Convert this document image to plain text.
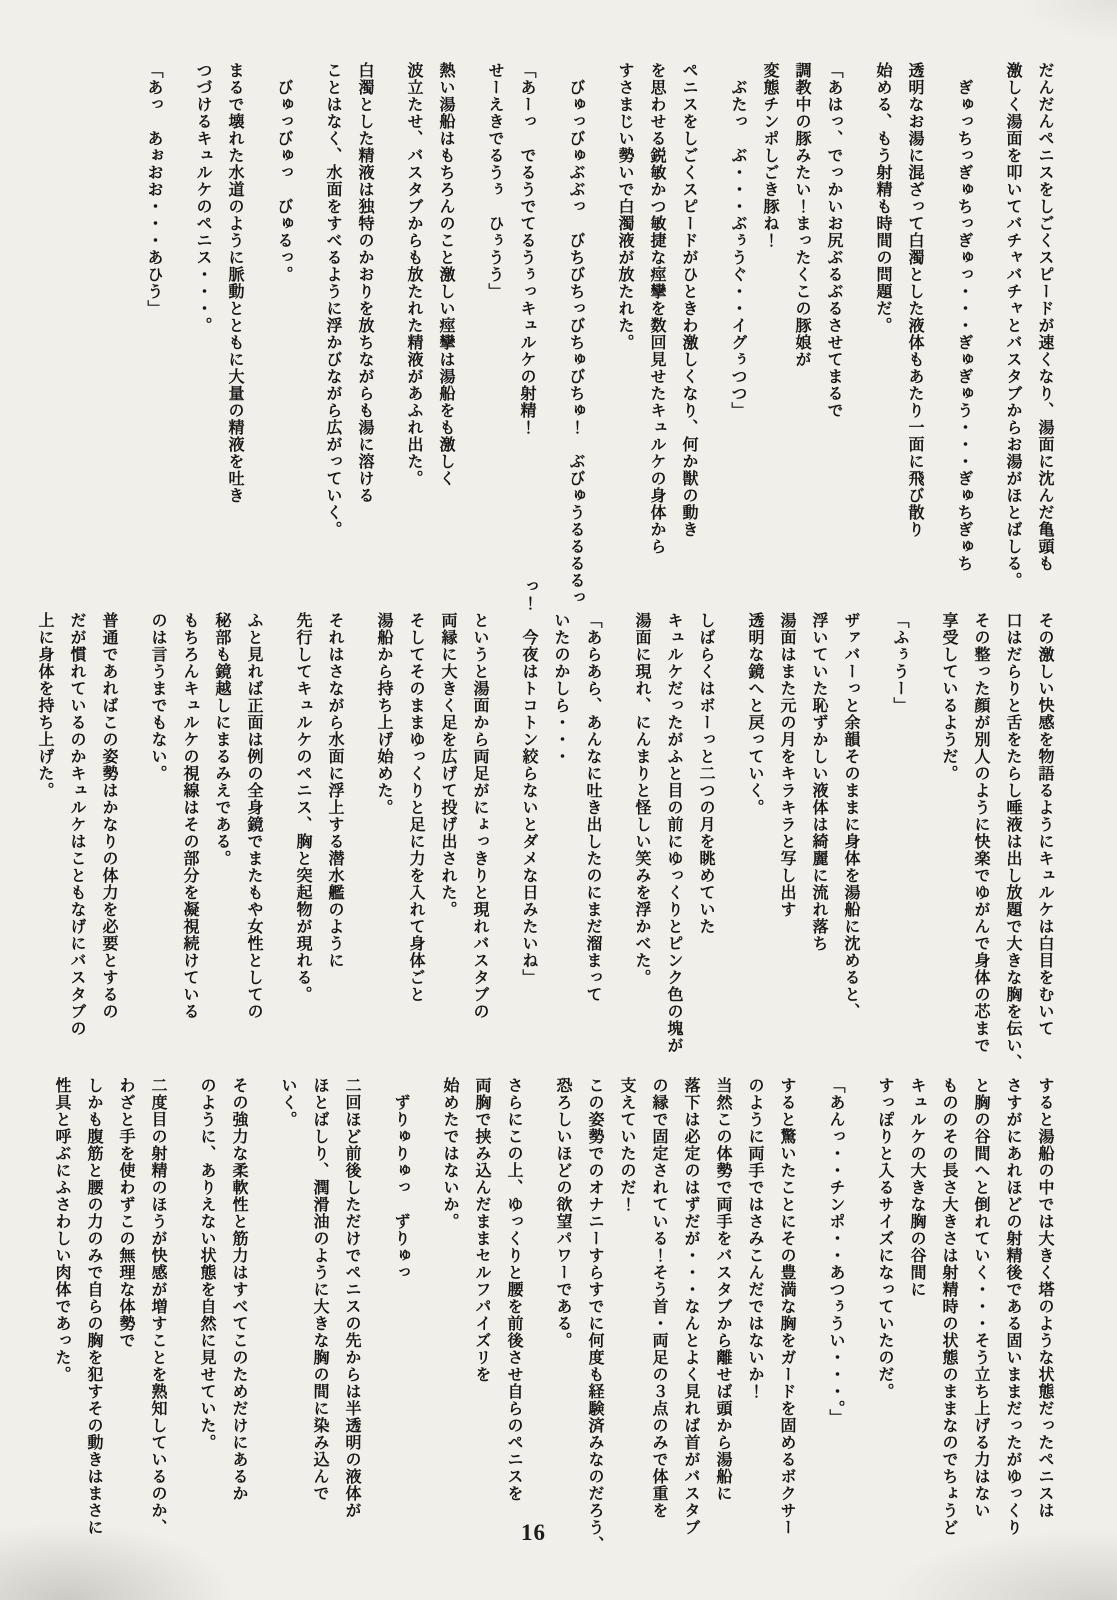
だんだんペニスをしごくスピードが速くなり、湯面に沈んだ亀頭も

激しく湯面を叩いてバチャバチャとバスタブからお湯がほとばしる。

　ぎゅっちっぎゅちっぎゅっ・・・ぎゅぎゅう・・・ぎゅちぎゅち

透明なお湯に混ざって白濁とした液体もあたり一面に飛び散り

始める、もう射精も時間の問題だ。

「あはっ、でっかいお尻ぶるぶるさせてまるで

調教中の豚みたい！まったくこの豚娘が

変態チンポしごき豚ね！

　ぶたっ　ぶ・・・ぶぅうぐ・・イグぅつつ」

ペニスをしごくスピードがひときわ激しくなり、何か獣の動き

を思わせる鋭敏かつ敏捷な痙攣を数回見せたキュルケの身体から

すさまじい勢いで白濁液が放たれた。

　びゅっびゅぶぶっ　びちびちっびちゅびちゅ！　ぶびゅうるるるるっ

「あーっ　でるうでてるうぅっキュルケの射精！

せーえきでるうぅ　ひぅうう」

熱い湯船はもちろんのこと激しい痙攣は湯船をも激しく

波立たせ、バスタブからも放たれた精液があふれ出た。

白濁とした精液は独特のかおりを放ちながらも湯に溶ける

ことはなく、水面をすべるように浮かびながら広がっていく。

　びゅっびゅっ　びゅるっ。

まるで壊れた水道のように脈動とともに大量の精液を吐き

つづけるキュルケのペニス・・・。

「あっ　あぉおお・・・あひう」

その激しい快感を物語るようにキュルケは白目をむいて

口はだらりと舌をたらし唾液は出し放題で大きな胸を伝い、

その整った顔が別人のように快楽でゆがんで身体の芯まで

享受しているようだ。

「ふぅうー」

ザァバーっと余韻そのままに身体を湯船に沈めると、

浮いていた恥ずかしい液体は綺麗に流れ落ち

湯面はまた元の月をキラキラと写し出す

透明な鏡へと戻っていく。

しばらくはボーっと二つの月を眺めていた

キュルケだったがふと目の前にゆっくりとピンク色の塊が

湯面に現れ、にんまりと怪しい笑みを浮かべた。

「あらあら、あんなに吐き出したのにまだ溜まって

いたのかしら・・・

っ！　今夜はトコトン絞らないとダメな日みたいね」

というと湯面から両足がにょっきりと現れバスタブの

両縁に大きく足を広げて投げ出された。

そしてそのままゆっくりと足に力を入れて身体ごと

湯船から持ち上げ始めた。

それはさながら水面に浮上する潜水艦のように

先行してキュルケのペニス、胸と突起物が現れる。

ふと見れば正面は例の全身鏡でまたもや女性としての

秘部も鏡越しにまるみえである。

もちろんキュルケの視線はその部分を凝視続けている

のは言うまでもない。

普通であればこの姿勢はかなりの体力を必要とするの

だが慣れているのかキュルケはこともなげにバスタブの

上に身体を持ち上げた。

すると湯船の中では大きく塔のような状態だったペニスは

さすがにあれほどの射精後である固いままだったがゆっくり

と胸の谷間へと倒れていく・・・そう立ち上げる力はない

もののその長さ大きさは射精時の状態のままなのでちょうど

キュルケの大きな胸の谷間に

すっぽりと入るサイズになっていたのだ。

「あんっ・・チンポ・・あつぅうい・・・。」

すると驚いたことにその豊満な胸をガードを固めるボクサー

のように両手ではさみこんだではないか！

当然この体勢で両手をバスタブから離せば頭から湯船に

落下は必定のはずだが・・・なんとよく見れば首がバスタブ

の縁で固定されている！そう首・両足の３点のみで体重を

支えていたのだ！

この姿勢でのオナニーすらすでに何度も経験済みなのだろう、

恐ろしいほどの欲望パワーである。

さらにこの上、ゆっくりと腰を前後させ自らのペニスを

両胸で挟み込んだままセルフパイズリを

始めたではないか。

　ずりゅりゅっ　ずりゅっ

二回ほど前後しただけでペニスの先からは半透明の液体が

ほとばしり、潤滑油のように大きな胸の間に染み込んで

いく。

その強力な柔軟性と筋力はすべてこのためだけにあるか

のように、ありえない状態を自然に見せていた。

二度目の射精のほうが快感が増すことを熟知しているのか、

わざと手を使わずこの無理な体勢で

しかも腹筋と腰の力のみで自らの胸を犯すその動きはまさに

性具と呼ぶにふさわしい肉体であった。

16
